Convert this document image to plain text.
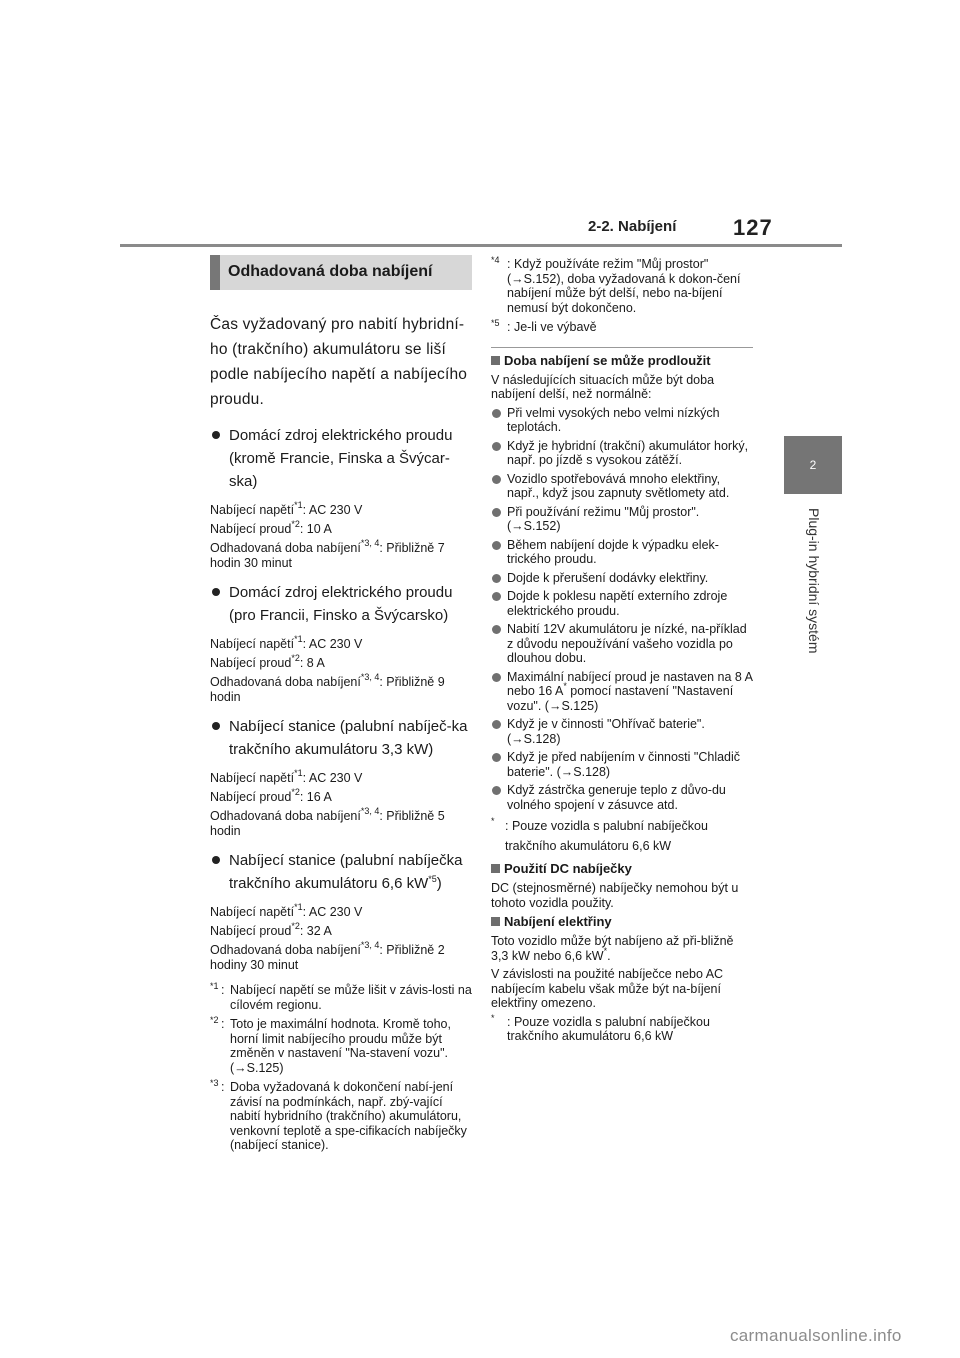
2-2. Nabíjení	127
2
Plug-in hybridní systém
Odhadovaná doba nabíjení

Čas vyžadovaný pro nabití hybridní-ho (trakčního) akumulátoru se liší podle nabíjecího napětí a nabíjecího proudu.

Domácí zdroj elektrického proudu (kromě Francie, Finska a Švýcar-ska)
Nabíjecí napětí$^{*1}$: AC 230 V
Nabíjecí proud$^{*2}$: 10 A
Odhadovaná doba nabíjení$^{*3, 4}$: Přibližně 7 hodin 30 minut
Domácí zdroj elektrického proudu (pro Francii, Finsko a Švýcarsko)
Nabíjecí napětí$^{*1}$: AC 230 V
Nabíjecí proud$^{*2}$: 8 A
Odhadovaná doba nabíjení$^{*3, 4}$: Přibližně 9 hodin
Nabíjecí stanice (palubní nabíječ-ka trakčního akumulátoru 3,3 kW)
Nabíjecí napětí$^{*1}$: AC 230 V
Nabíjecí proud$^{*2}$: 16 A
Odhadovaná doba nabíjení$^{*3, 4}$: Přibližně 5 hodin
Nabíjecí stanice (palubní nabíječka trakčního akumulátoru 6,6 $kW^{*5}$)
Nabíjecí napětí$^{*1}$: AC 230 V
Nabíjecí proud$^{*2}$: 32 A
Odhadovaná doba nabíjení$^{*3, 4}$: Přibližně 2 hodiny 30 minut
*1 : Nabíjecí napětí se může lišit v závis-losti na cílovém regionu.
*2 : Toto je maximální hodnota. Kromě toho, horní limit nabíjecího proudu může být změněn v nastavení "Na-stavení vozu". (→S.125)
*3 : Doba vyžadovaná k dokončení nabí-jení závisí na podmínkách, např. zbý-vající nabití hybridního (trakčního) akumulátoru, venkovní teplotě a spe-cifikacích nabíječky (nabíjecí stanice).
*4 : Když používáte režim "Můj prostor" (→S.152), doba vyžadovaná k dokon-čení nabíjení může být delší, nebo na-bíjení nemusí být dokončeno.
*5 : Je-li ve výbavě
Doba nabíjení se může prodloužit
V následujících situacích může být doba nabíjení delší, než normálně:
Při velmi vysokých nebo velmi nízkých teplotách.
Když je hybridní (trakční) akumulátor horký, např. po jízdě s vysokou zátěží.
Vozidlo spotřebovává mnoho elektřiny, např., když jsou zapnuty světlomety atd.
Při používání režimu "Můj prostor". (→S.152)
Během nabíjení dojde k výpadku elek-trického proudu.
Dojde k přerušení dodávky elektřiny.
Dojde k poklesu napětí externího zdroje elektrického proudu.
Nabití 12V akumulátoru je nízké, na-příklad z důvodu nepoužívání vašeho vozidla po dlouhou dobu.
Maximální nabíjecí proud je nastaven na 8 A nebo 16 A* pomocí nastavení "Nastavení vozu". (→S.125)
Když je v činnosti "Ohřívač baterie". (→S.128)
Když je před nabíjením v činnosti "Chladič baterie". (→S.128)
Když zástrčka generuje teplo z důvo-du volného spojení v zásuvce atd.
* : Pouze vozidla s palubní nabíječkou trakčního akumulátoru 6,6 kW
Použití DC nabíječky
DC (stejnosměrné) nabíječky nemohou být u tohoto vozidla použity.
Nabíjení elektřiny
Toto vozidlo může být nabíjeno až při-bližně 3,3 kW nebo 6,6 kW*.
V závislosti na použité nabíječce nebo AC nabíjecím kabelu však může být na-bíjení elektřiny omezeno.
* : Pouze vozidla s palubní nabíječkou trakčního akumulátoru 6,6 kW
carmanualsonline.info
